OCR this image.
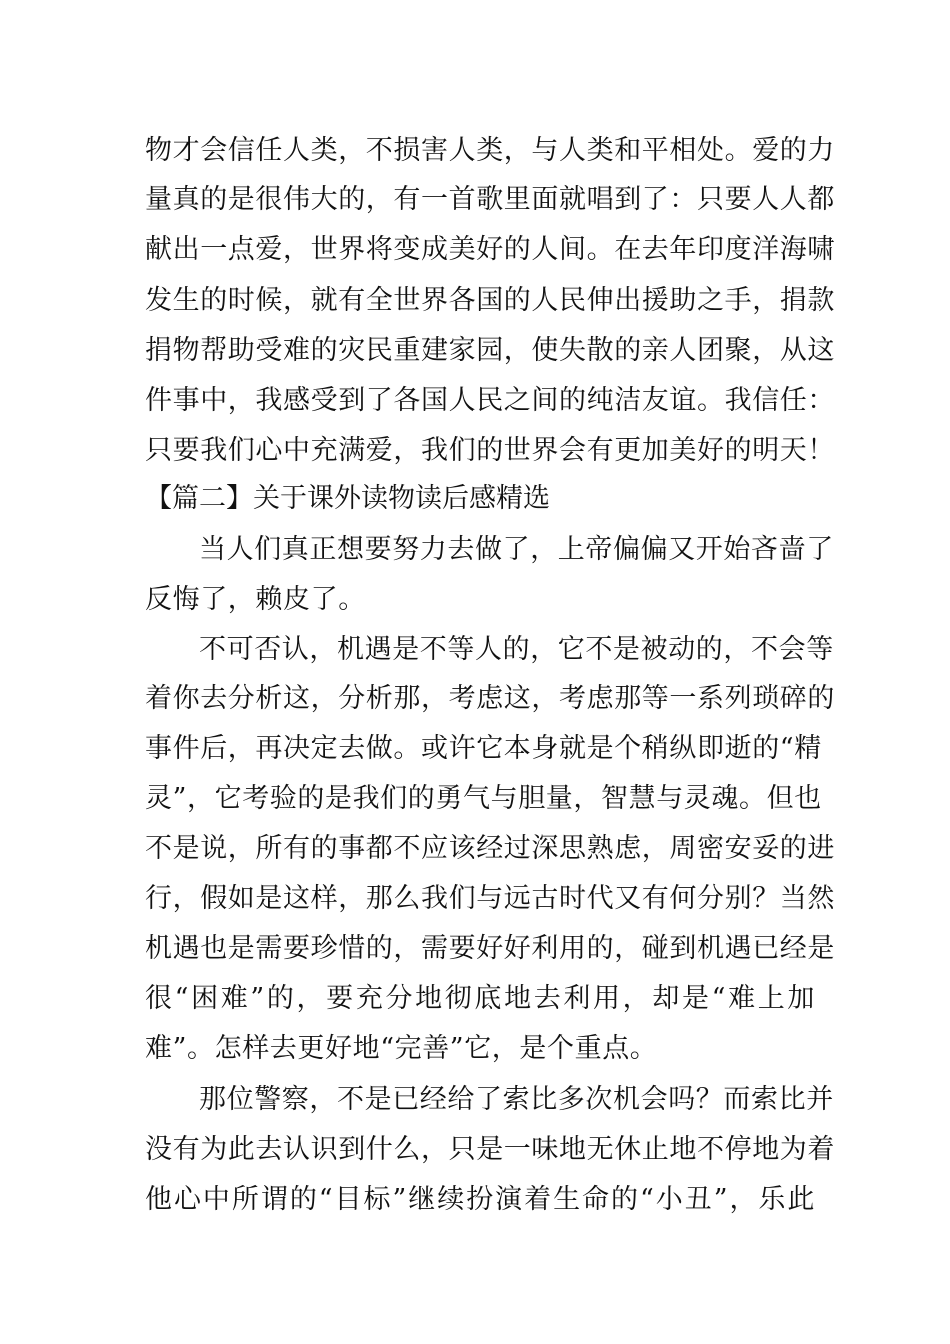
物才会信任人类，不损害人类，与人类和平相处。爱的力
量真的是很伟大的，有一首歌里面就唱到了：只要人人都
献出一点爱，世界将变成美好的人间。在去年印度洋海啸
发生的时候，就有全世界各国的人民伸出援助之手，捐款
捐物帮助受难的灾民重建家园，使失散的亲人团聚，从这
件事中，我感受到了各国人民之间的纯洁友谊。我信任：
只要我们心中充满爱，我们的世界会有更加美好的明天！
【篇二】关于课外读物读后感精选
当人们真正想要努力去做了，上帝偏偏又开始吝啬了
反悔了，赖皮了。
不可否认，机遇是不等人的，它不是被动的，不会等
着你去分析这，分析那，考虑这，考虑那等一系列琐碎的
事件后，再决定去做。或许它本身就是个稍纵即逝的“精
灵”，它考验的是我们的勇气与胆量，智慧与灵魂。但也
不是说，所有的事都不应该经过深思熟虑，周密安妥的进
行，假如是这样，那么我们与远古时代又有何分别？当然
机遇也是需要珍惜的，需要好好利用的，碰到机遇已经是
很“困难”的，要充分地彻底地去利用，却是“难上加
难”。怎样去更好地“完善”它，是个重点。
那位警察，不是已经给了索比多次机会吗？而索比并
没有为此去认识到什么，只是一味地无休止地不停地为着
他心中所谓的“目标”继续扮演着生命的“小丑”，乐此
